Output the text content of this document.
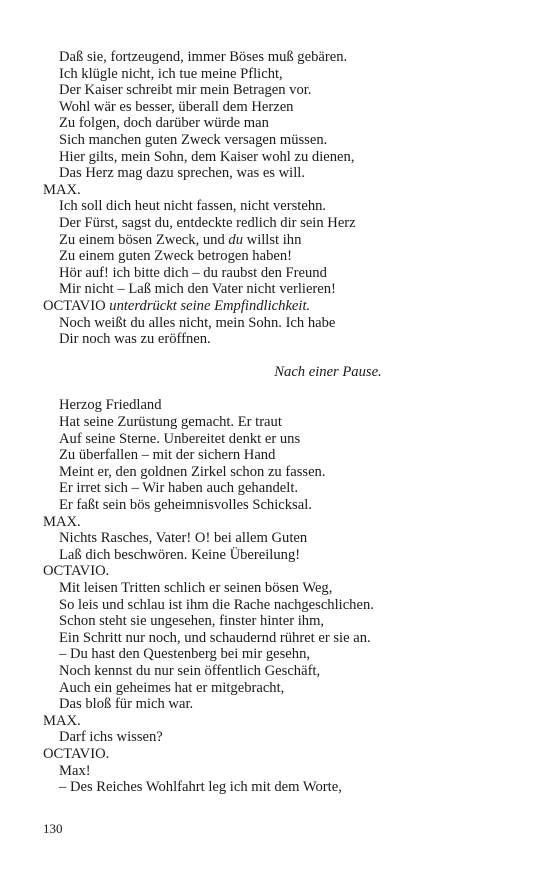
Daß sie, fortzeugend, immer Böses muß gebären.
Ich klügle nicht, ich tue meine Pflicht,
Der Kaiser schreibt mir mein Betragen vor.
Wohl wär es besser, überall dem Herzen
Zu folgen, doch darüber würde man
Sich manchen guten Zweck versagen müssen.
Hier gilts, mein Sohn, dem Kaiser wohl zu dienen,
Das Herz mag dazu sprechen, was es will.
MAX.
Ich soll dich heut nicht fassen, nicht verstehn.
Der Fürst, sagst du, entdeckte redlich dir sein Herz
Zu einem bösen Zweck, und du willst ihn
Zu einem guten Zweck betrogen haben!
Hör auf! ich bitte dich – du raubst den Freund
Mir nicht – Laß mich den Vater nicht verlieren!
OCTAVIO unterdrückt seine Empfindlichkeit.
Noch weißt du alles nicht, mein Sohn. Ich habe
Dir noch was zu eröffnen.
Nach einer Pause.
Herzog Friedland
Hat seine Zurüstung gemacht. Er traut
Auf seine Sterne. Unbereitet denkt er uns
Zu überfallen – mit der sichern Hand
Meint er, den goldnen Zirkel schon zu fassen.
Er irret sich – Wir haben auch gehandelt.
Er faßt sein bös geheimnisvolles Schicksal.
MAX.
Nichts Rasches, Vater! O! bei allem Guten
Laß dich beschwören. Keine Übereilung!
OCTAVIO.
Mit leisen Tritten schlich er seinen bösen Weg,
So leis und schlau ist ihm die Rache nachgeschlichen.
Schon steht sie ungesehen, finster hinter ihm,
Ein Schritt nur noch, und schaudernd rühret er sie an.
– Du hast den Questenberg bei mir gesehn,
Noch kennst du nur sein öffentlich Geschäft,
Auch ein geheimes hat er mitgebracht,
Das bloß für mich war.
MAX.
Darf ichs wissen?
OCTAVIO.
Max!
– Des Reiches Wohlfahrt leg ich mit dem Worte,
130
